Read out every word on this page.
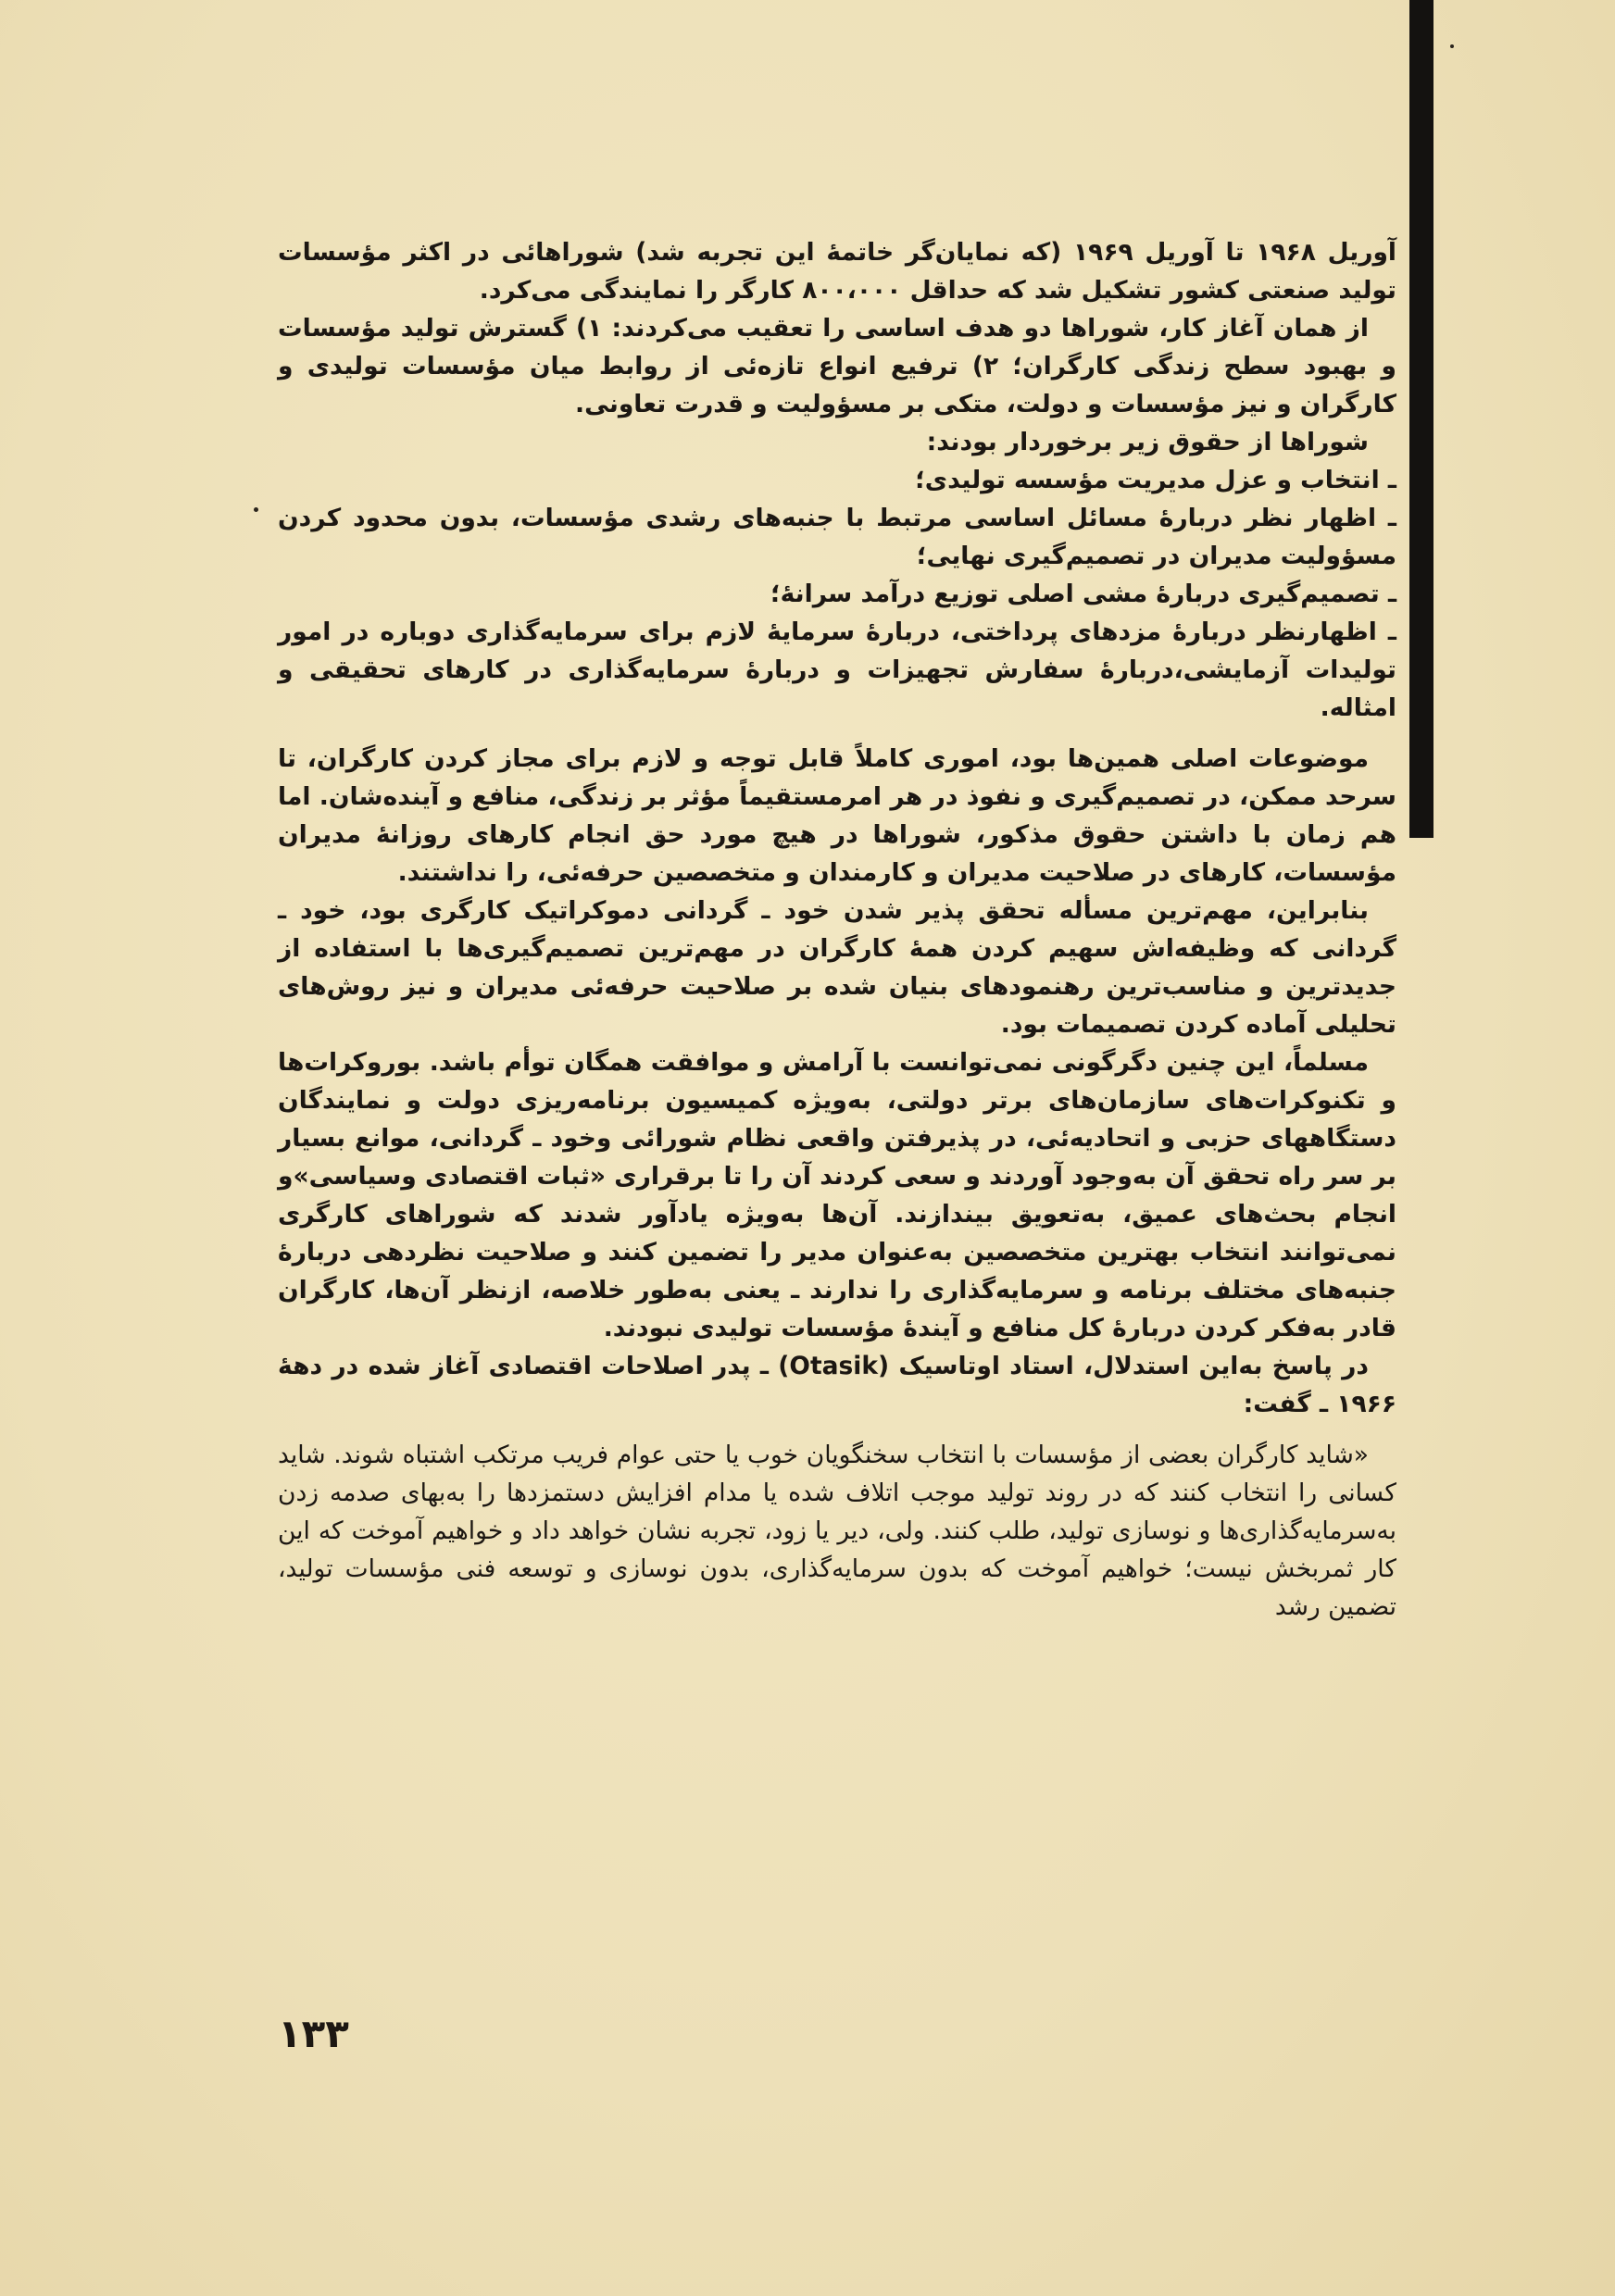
آوریل ۱۹۶۸ تا آوریل ۱۹۶۹ (که نمایان‌گر خاتمهٔ این تجربه شد) شوراهائی در اکثر مؤسسات تولید صنعتی کشور تشکیل شد که حداقل ۸۰۰،۰۰۰ کارگر را نمایندگی می‌کرد.

از همان آغاز کار، شوراها دو هدف اساسی را تعقیب می‌کردند: ۱) گسترش تولید مؤسسات و بهبود سطح زندگی کارگران؛ ۲) ترفیع انواع تازه‌ئی از روابط میان مؤسسات تولیدی و کارگران و نیز مؤسسات و دولت، متکی بر مسؤولیت و قدرت تعاونی.

شوراها از حقوق زیر برخوردار بودند:

ـ انتخاب و عزل مدیریت مؤسسه تولیدی؛

ـ اظهار نظر دربارهٔ مسائل اساسی مرتبط با جنبه‌های رشدی مؤسسات، بدون محدود کردن مسؤولیت مدیران در تصمیم‌گیری نهایی؛

ـ تصمیم‌گیری دربارهٔ مشی اصلی توزیع درآمد سرانهٔ؛

ـ اظهارنظر دربارهٔ مزدهای پرداختی، دربارهٔ سرمایهٔ لازم برای سرمایه‌گذاری دوباره در امور تولیدات آزمایشی،دربارهٔ سفارش تجهیزات و دربارهٔ سرمایه‌گذاری در کارهای تحقیقی و امثاله.

موضوعات اصلی همین‌ها بود، اموری کاملاً قابل توجه و لازم برای مجاز کردن کارگران، تا سرحد ممکن، در تصمیم‌گیری و نفوذ در هر امرمستقیماً مؤثر بر زندگی، منافع و آینده‌شان. اما هم زمان با داشتن حقوق مذکور، شوراها در هیچ مورد حق انجام کارهای روزانهٔ مدیران مؤسسات، کارهای در صلاحیت مدیران و کارمندان و متخصصین حرفه‌ئی، را نداشتند.

بنابراین، مهم‌ترین مسأله تحقق پذیر شدن خود ـ گردانی دموکراتیک کارگری بود، خود ـ گردانی که وظیفه‌اش سهیم کردن همهٔ کارگران در مهم‌ترین تصمیم‌گیری‌ها با استفاده از جدیدترین و مناسب‌ترین رهنمودهای بنیان شده بر صلاحیت حرفه‌ئی مدیران و نیز روش‌های تحلیلی آماده کردن تصمیمات بود.

مسلماً، این چنین دگرگونی نمی‌توانست با آرامش و موافقت همگان توأم باشد. بوروکرات‌ها و تکنوکرات‌های سازمان‌های برتر دولتی، به‌ویژه کمیسیون برنامه‌ریزی دولت و نمایندگان دستگاههای حزبی و اتحادیه‌ئی، در پذیرفتن واقعی نظام شورائی وخود ـ گردانی، موانع بسیار بر سر راه تحقق آن به‌وجود آوردند و سعی کردند آن را تا برقراری «ثبات اقتصادی وسیاسی»و انجام بحث‌های عمیق، به‌تعویق بیندازند. آن‌ها به‌ویژه یادآور شدند که شوراهای کارگری نمی‌توانند انتخاب بهترین متخصصین به‌عنوان مدیر را تضمین کنند و صلاحیت نظردهی دربارهٔ جنبه‌های مختلف برنامه و سرمایه‌گذاری را ندارند ـ یعنی به‌طور خلاصه، ازنظر آن‌ها، کارگران قادر به‌فکر کردن دربارهٔ کل منافع و آیندهٔ مؤسسات تولیدی نبودند.

در پاسخ به‌این استدلال، استاد اوتاسیک (Otasik) ـ پدر اصلاحات اقتصادی آغاز شده در دههٔ ۱۹۶۶ ـ گفت:

«شاید کارگران بعضی از مؤسسات با انتخاب سخنگویان خوب یا حتی عوام فریب مرتکب اشتباه شوند. شاید کسانی را انتخاب کنند که در روند تولید موجب اتلاف شده یا مدام افزایش دستمزدها را به‌بهای صدمه زدن به‌سرمایه‌گذاری‌ها و نوسازی تولید، طلب کنند. ولی، دیر یا زود، تجربه نشان خواهد داد و خواهیم آموخت که این کار ثمربخش نیست؛ خواهیم آموخت که بدون سرمایه‌گذاری، بدون نوسازی و توسعه فنی مؤسسات تولید، تضمین رشد

۱۳۳
